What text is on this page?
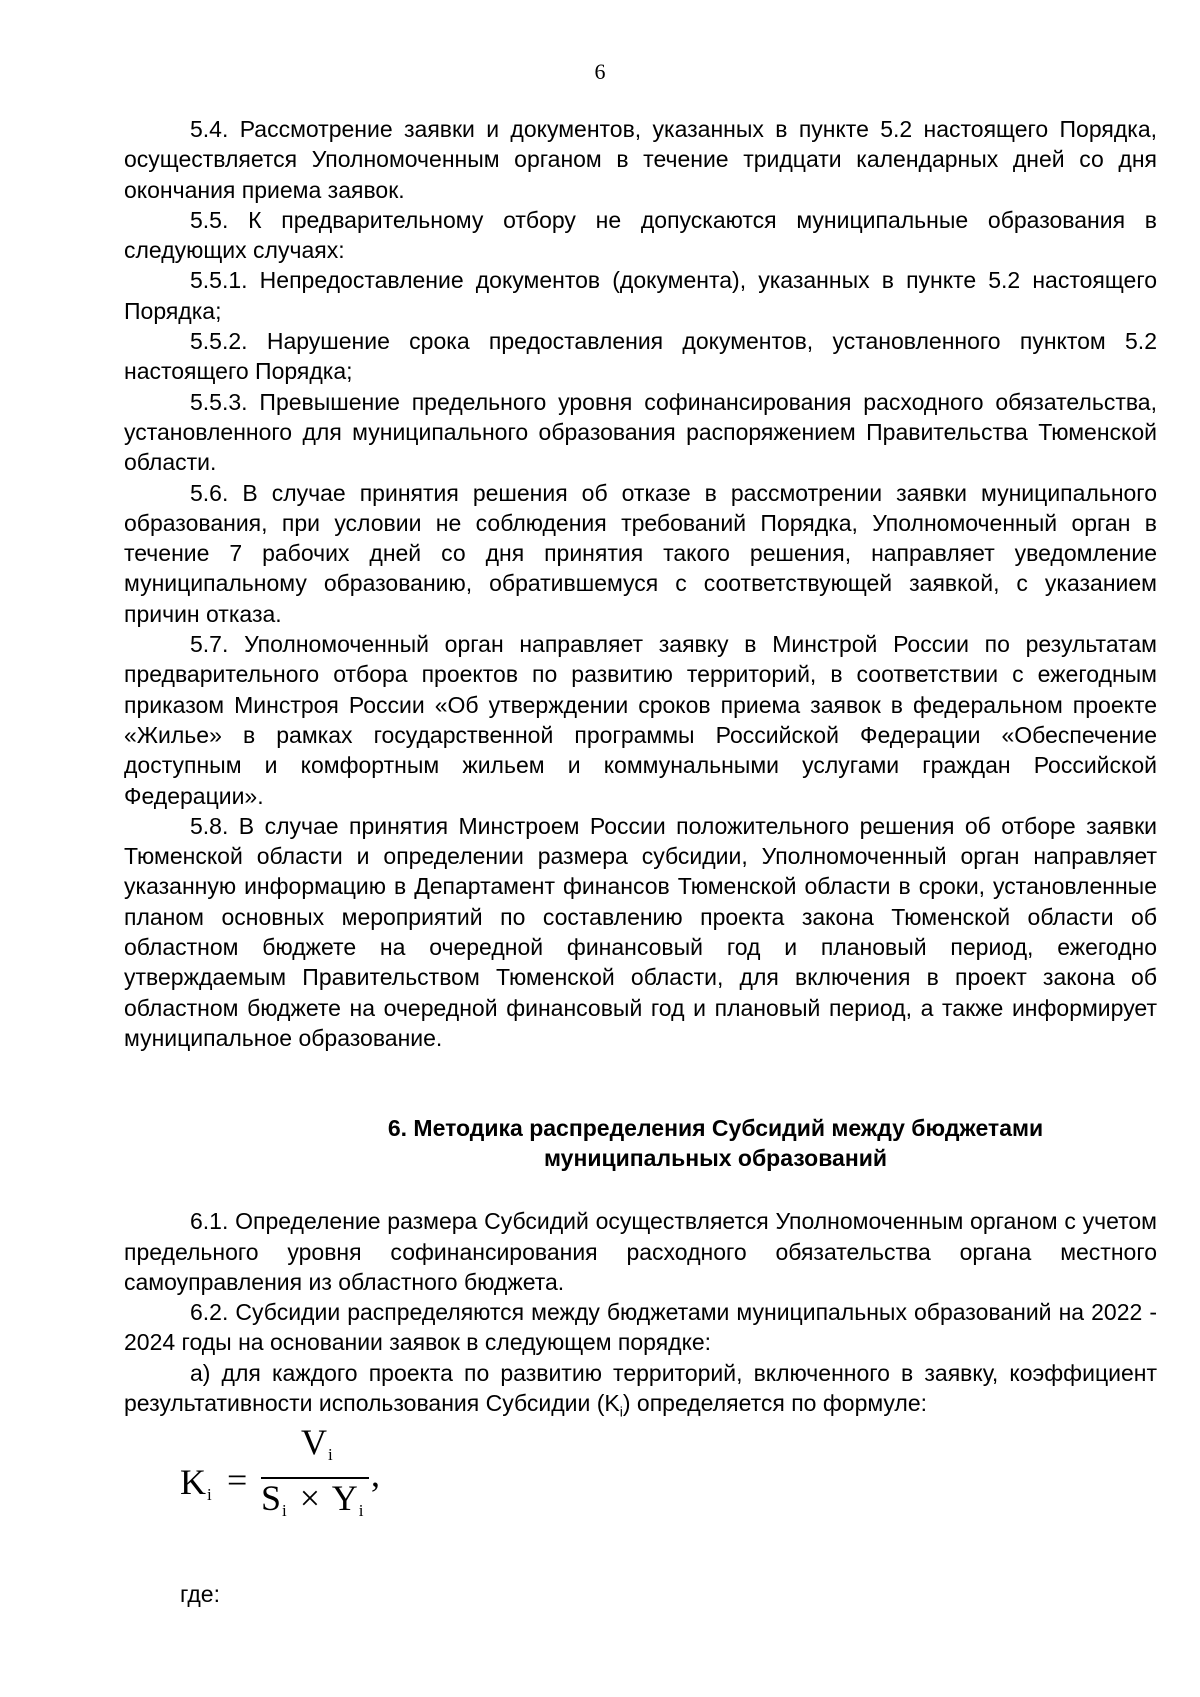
6

5.4. Рассмотрение заявки и документов, указанных в пункте 5.2 настоящего Порядка, осуществляется Уполномоченным органом в течение тридцати календарных дней со дня окончания приема заявок.

5.5. К предварительному отбору не допускаются муниципальные образования в следующих случаях:

5.5.1. Непредоставление документов (документа), указанных в пункте 5.2 настоящего Порядка;

5.5.2. Нарушение срока предоставления документов, установленного пунктом 5.2 настоящего Порядка;

5.5.3. Превышение предельного уровня софинансирования расходного обязательства, установленного для муниципального образования распоряжением Правительства Тюменской области.

5.6. В случае принятия решения об отказе в рассмотрении заявки муниципального образования, при условии не соблюдения требований Порядка, Уполномоченный орган в течение 7 рабочих дней со дня принятия такого решения, направляет уведомление муниципальному образованию, обратившемуся с соответствующей заявкой, с указанием причин отказа.

5.7. Уполномоченный орган направляет заявку в Минстрой России по результатам предварительного отбора проектов по развитию территорий, в соответствии с ежегодным приказом Минстроя России «Об утверждении сроков приема заявок в федеральном проекте «Жилье» в рамках государственной программы Российской Федерации «Обеспечение доступным и комфортным жильем и коммунальными услугами граждан Российской Федерации».

5.8. В случае принятия Минстроем России положительного решения об отборе заявки Тюменской области и определении размера субсидии, Уполномоченный орган направляет указанную информацию в Департамент финансов Тюменской области в сроки, установленные планом основных мероприятий по составлению проекта закона Тюменской области об областном бюджете на очередной финансовый год и плановый период, ежегодно утверждаемым Правительством Тюменской области, для включения в проект закона об областном бюджете на очередной финансовый год и плановый период, а также информирует муниципальное образование.

6. Методика распределения Субсидий между бюджетами
муниципальных образований

6.1. Определение размера Субсидий осуществляется Уполномоченным органом с учетом предельного уровня софинансирования расходного обязательства органа местного самоуправления из областного бюджета.

6.2. Субсидии распределяются между бюджетами муниципальных образований на 2022 - 2024 годы на основании заявок в следующем порядке:

а) для каждого проекта по развитию территорий, включенного в заявку, коэффициент результативности использования Субсидии $(K_i)$ определяется по формуле:

$K_i$ =
$V_i$
$S_i \times Y_i$
,
где:
